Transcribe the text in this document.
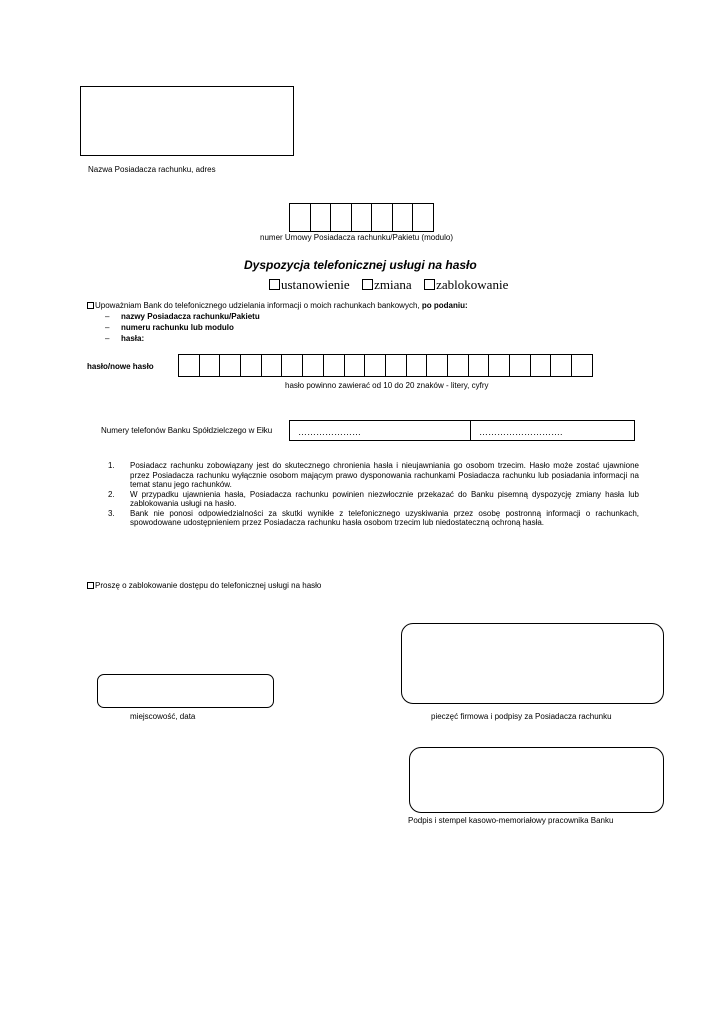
Nazwa Posiadacza rachunku, adres
numer Umowy Posiadacza rachunku/Pakietu (modulo)
Dyspozycja telefonicznej usługi na hasło
ustanowienie zmiana zablokowanie
Upoważniam Bank do telefonicznego udzielania informacji o moich rachunkach bankowych, po podaniu:
– nazwy Posiadacza rachunku/Pakietu
– numeru rachunku lub modulo
– hasła:
hasło/nowe hasło
hasło powinno zawierać od 10 do 20 znaków - litery, cyfry
Numery telefonów Banku Spółdzielczego w Ełku	…………………	……………………….
1. Posiadacz rachunku zobowiązany jest do skutecznego chronienia hasła i nieujawniania go osobom trzecim. Hasło może zostać ujawnione przez Posiadacza rachunku wyłącznie osobom mającym prawo dysponowania rachunkami Posiadacza rachunku lub posiadania informacji na temat stanu jego rachunków.
2. W przypadku ujawnienia hasła, Posiadacza rachunku powinien niezwłocznie przekazać do Banku pisemną dyspozycję zmiany hasła lub zablokowania usługi na hasło.
3. Bank nie ponosi odpowiedzialności za skutki wynikłe z telefonicznego uzyskiwania przez osobę postronną informacji o rachunkach, spowodowane udostępnieniem przez Posiadacza rachunku hasła osobom trzecim lub niedostateczną ochroną hasła.
Proszę o zablokowanie dostępu do telefonicznej usługi na hasło
miejscowość, data	pieczęć firmowa i podpisy za Posiadacza rachunku
Podpis i stempel kasowo-memoriałowy pracownika Banku
